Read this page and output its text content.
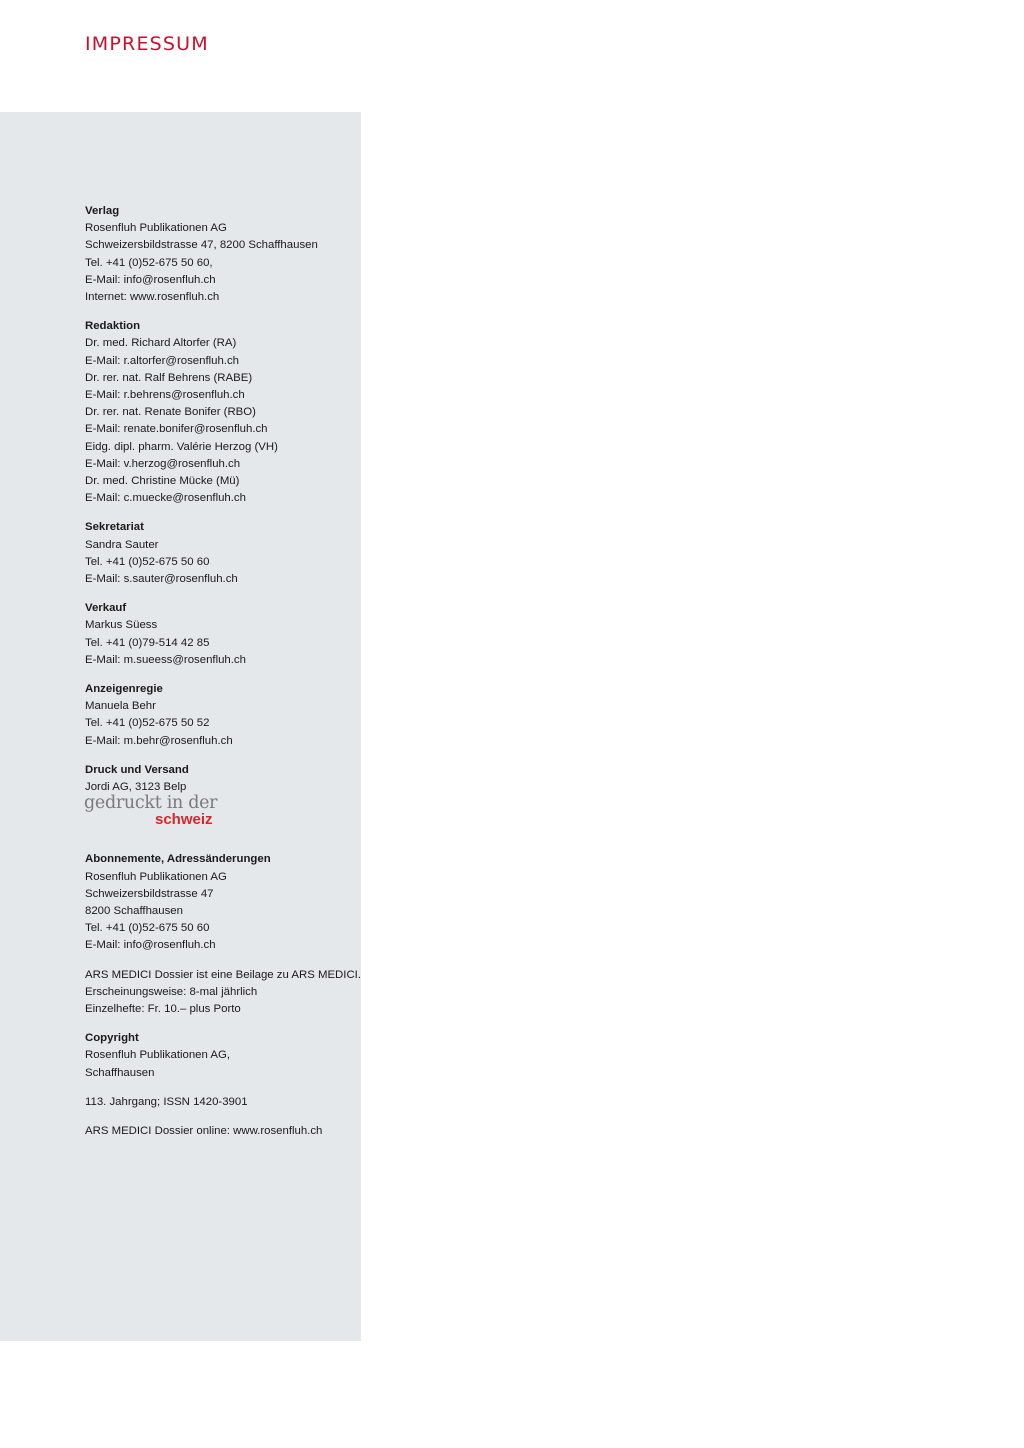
IMPRESSUM
Verlag
Rosenfluh Publikationen AG
Schweizersbildstrasse 47, 8200 Schaffhausen
Tel. +41 (0)52-675 50 60,
E-Mail: info@rosenfluh.ch
Internet: www.rosenfluh.ch
Redaktion
Dr. med. Richard Altorfer (RA)
E-Mail: r.altorfer@rosenfluh.ch
Dr. rer. nat. Ralf Behrens (RABE)
E-Mail: r.behrens@rosenfluh.ch
Dr. rer. nat. Renate Bonifer (RBO)
E-Mail: renate.bonifer@rosenfluh.ch
Eidg. dipl. pharm. Valérie Herzog (VH)
E-Mail: v.herzog@rosenfluh.ch
Dr. med. Christine Mücke (Mü)
E-Mail: c.muecke@rosenfluh.ch
Sekretariat
Sandra Sauter
Tel. +41 (0)52-675 50 60
E-Mail: s.sauter@rosenfluh.ch
Verkauf
Markus Süess
Tel. +41 (0)79-514 42 85
E-Mail: m.sueess@rosenfluh.ch
Anzeigenregie
Manuela Behr
Tel. +41 (0)52-675 50 52
E-Mail: m.behr@rosenfluh.ch
Druck und Versand
Jordi AG, 3123 Belp
gedruckt in der
schweiz
Abonnemente, Adressänderungen
Rosenfluh Publikationen AG
Schweizersbildstrasse 47
8200 Schaffhausen
Tel. +41 (0)52-675 50 60
E-Mail: info@rosenfluh.ch
ARS MEDICI Dossier ist eine Beilage zu ARS MEDICI.
Erscheinungsweise: 8-mal jährlich
Einzelhefte: Fr. 10.– plus Porto
Copyright
Rosenfluh Publikationen AG,
Schaffhausen
113. Jahrgang; ISSN 1420-3901
ARS MEDICI Dossier online: www.rosenfluh.ch
